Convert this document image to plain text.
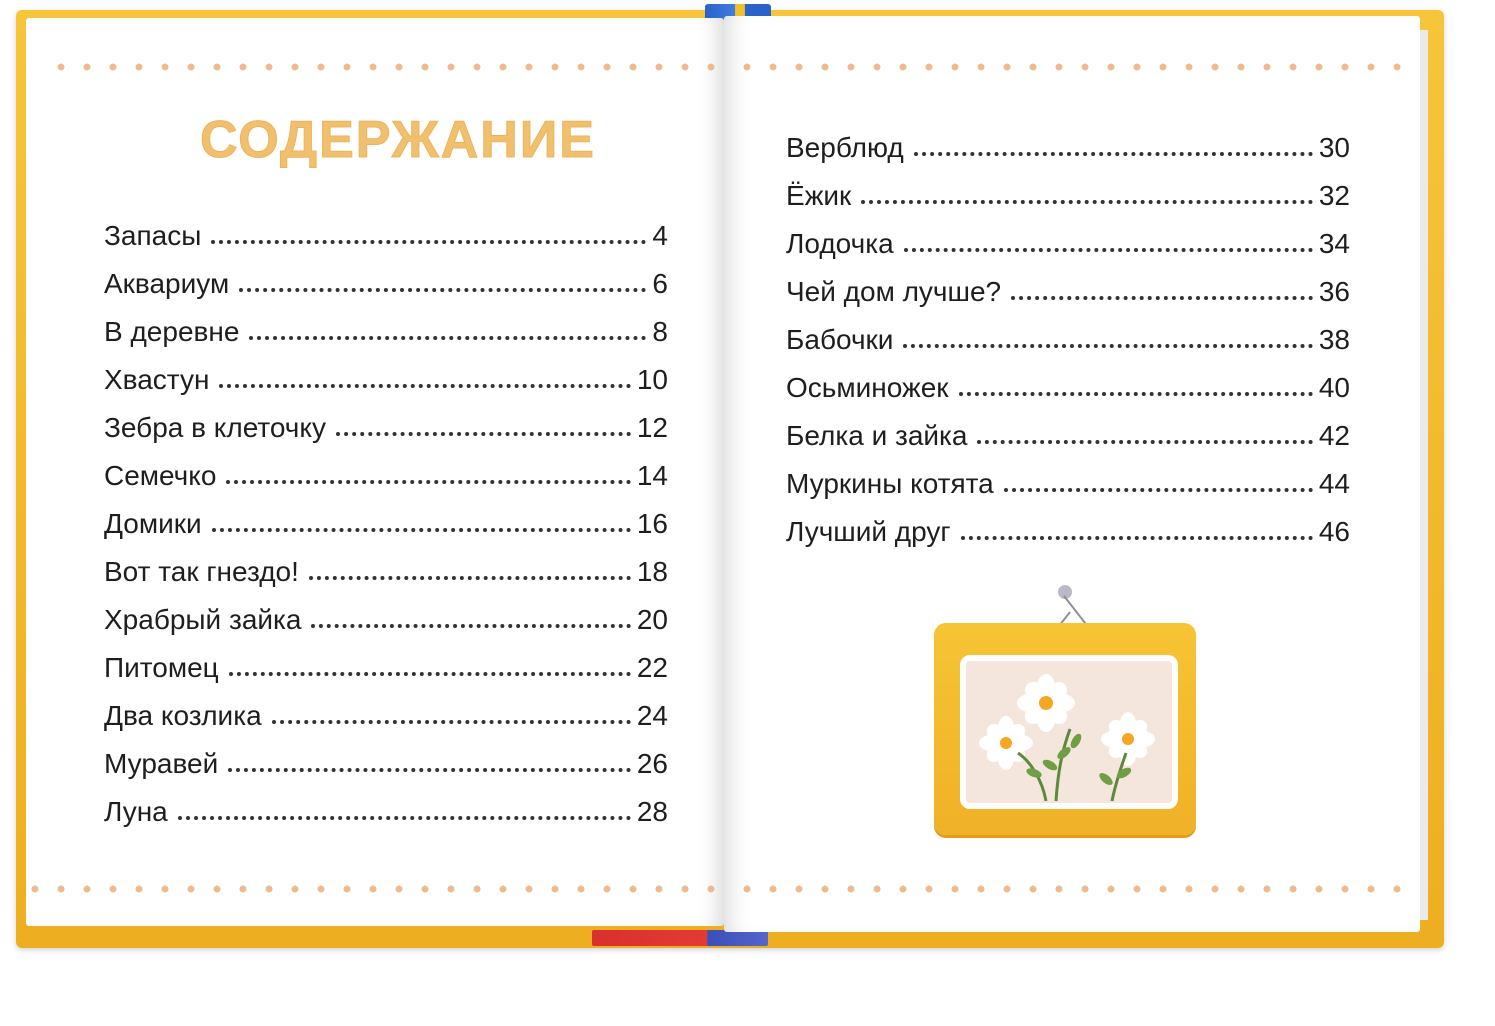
СОДЕРЖАНИЕ
Запасы	4
Аквариум	6
В деревне	8
Хвастун	10
Зебра в клеточку	12
Семечко	14
Домики	16
Вот так гнездо!	18
Храбрый зайка	20
Питомец	22
Два козлика	24
Муравей	26
Луна	28
Верблюд	30
Ёжик	32
Лодочка	34
Чей дом лучше?	36
Бабочки	38
Осьминожек	40
Белка и зайка	42
Муркины котята	44
Лучший друг	46
